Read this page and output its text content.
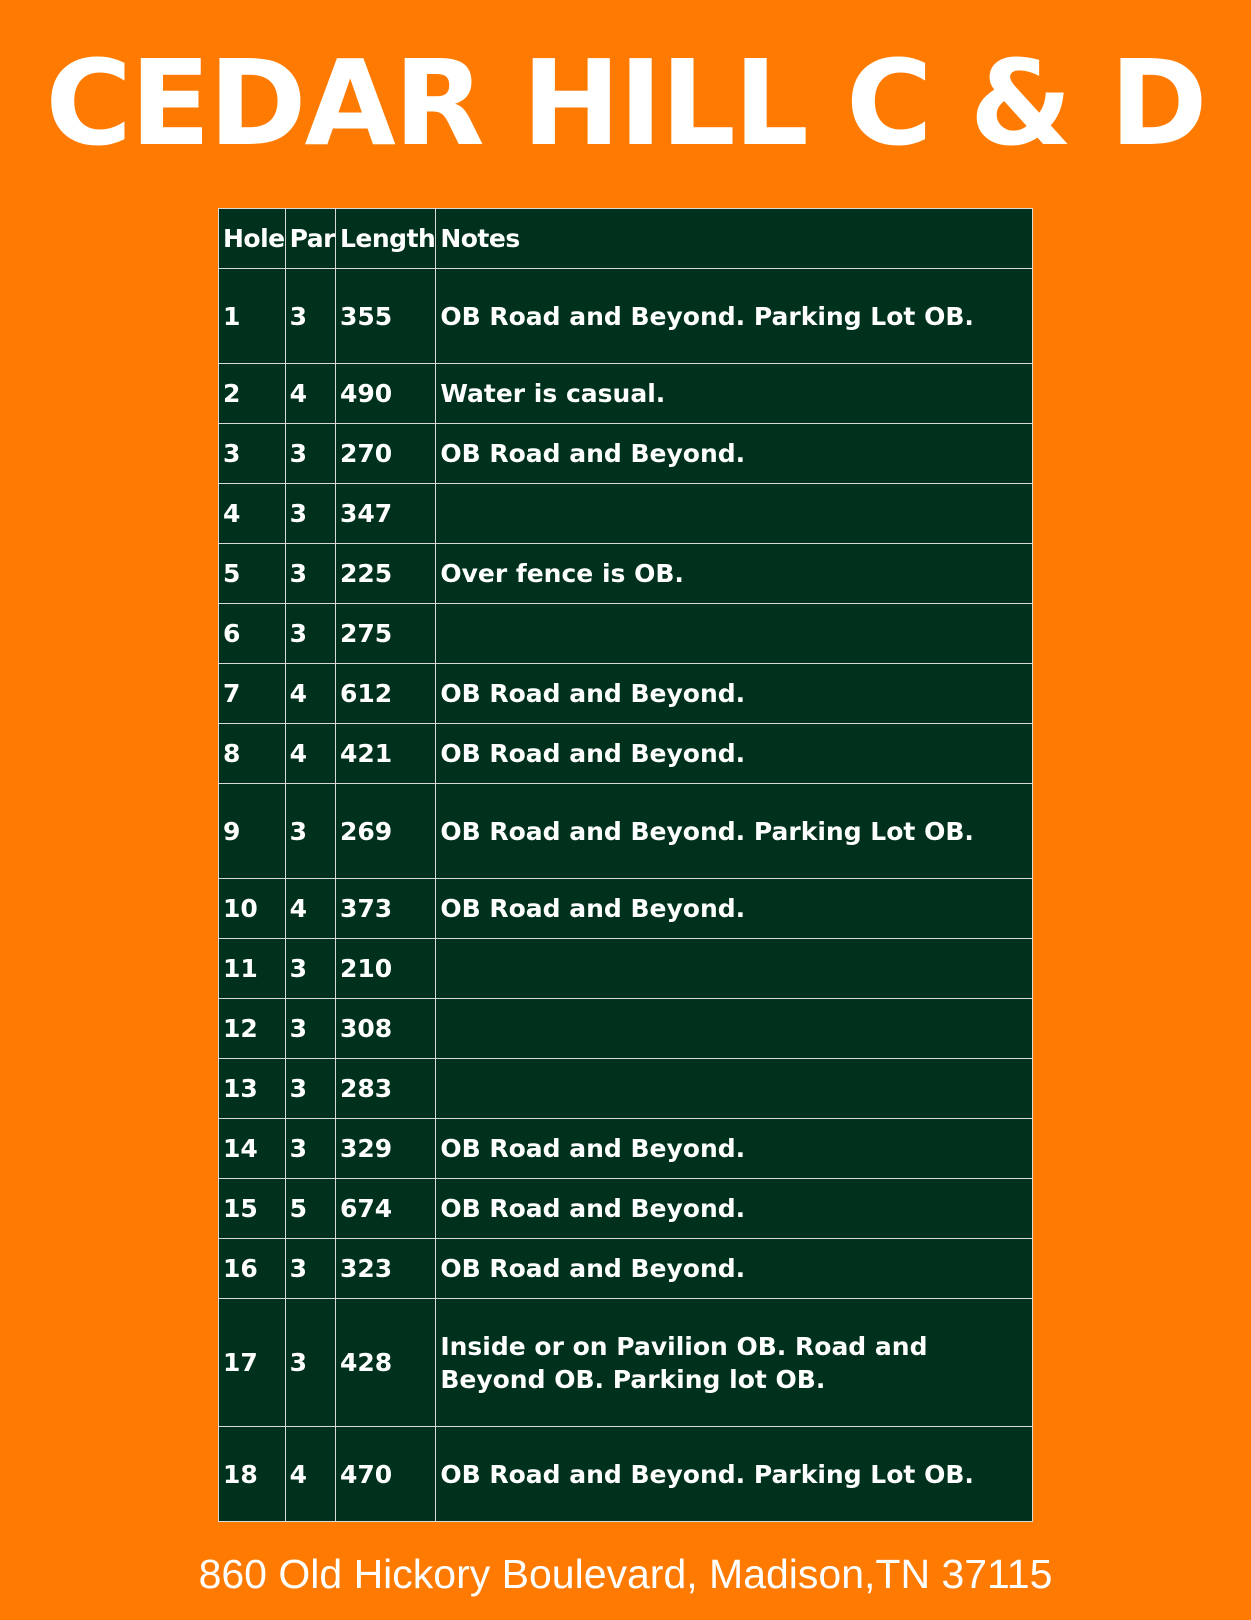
CEDAR HILL C & D
Hole	Par	Length	Notes
1	3	355	OB Road and Beyond. Parking Lot OB.
2	4	490	Water is casual.
3	3	270	OB Road and Beyond.
4	3	347	
5	3	225	Over fence is OB.
6	3	275	
7	4	612	OB Road and Beyond.
8	4	421	OB Road and Beyond.
9	3	269	OB Road and Beyond. Parking Lot OB.
10	4	373	OB Road and Beyond.
11	3	210	
12	3	308	
13	3	283	
14	3	329	OB Road and Beyond.
15	5	674	OB Road and Beyond.
16	3	323	OB Road and Beyond.
17	3	428	Inside or on Pavilion OB. Road and Beyond OB. Parking lot OB.
18	4	470	OB Road and Beyond. Parking Lot OB.
860 Old Hickory Boulevard, Madison,TN 37115
